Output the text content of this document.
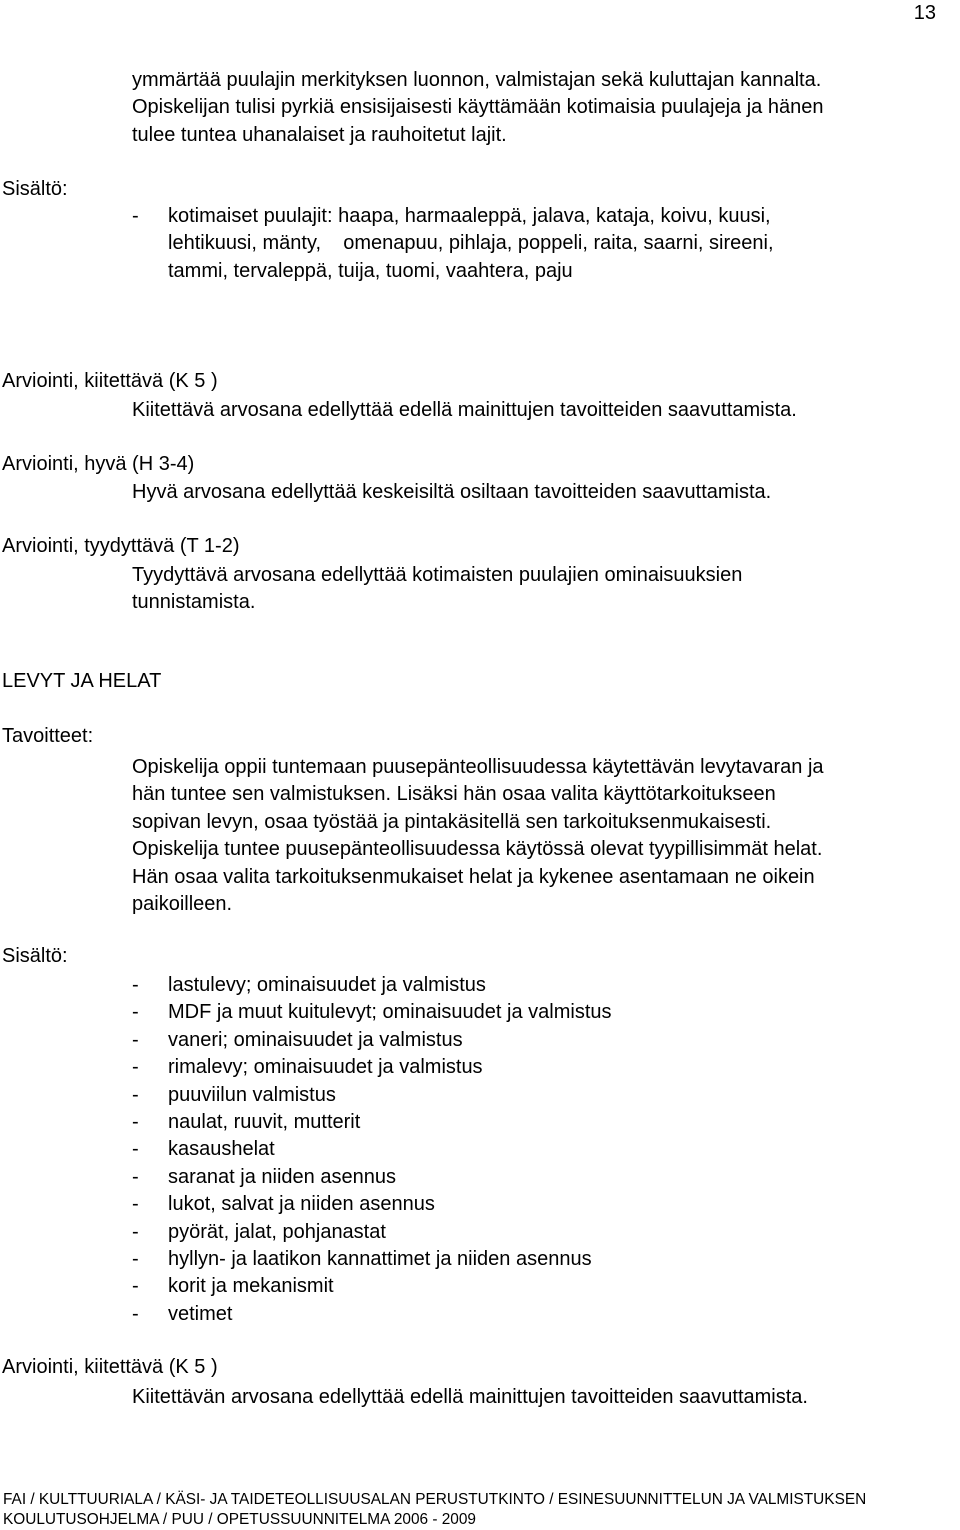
13
ymmärtää puulajin merkityksen luonnon, valmistajan sekä kuluttajan kannalta.
Opiskelijan tulisi pyrkiä ensisijaisesti käyttämään kotimaisia puulajeja ja hänen
tulee tuntea uhanalaiset ja rauhoitetut lajit.
Sisältö:
- kotimaiset puulajit: haapa, harmaaleppä, jalava, kataja, koivu, kuusi,
lehtikuusi, mänty,    omenapuu, pihlaja, poppeli, raita, saarni, sireeni,
tammi, tervaleppä, tuija, tuomi, vaahtera, paju
Arviointi, kiitettävä (K 5 )
Kiitettävä arvosana edellyttää edellä mainittujen tavoitteiden saavuttamista.
Arviointi, hyvä (H 3-4)
Hyvä arvosana edellyttää keskeisiltä osiltaan tavoitteiden saavuttamista.
Arviointi, tyydyttävä (T 1-2)
Tyydyttävä arvosana edellyttää kotimaisten puulajien ominaisuuksien
tunnistamista.
LEVYT JA HELAT
Tavoitteet:
Opiskelija oppii tuntemaan puusepänteollisuudessa käytettävän levytavaran ja
hän tuntee sen valmistuksen. Lisäksi hän osaa valita käyttötarkoitukseen
sopivan levyn, osaa työstää ja pintakäsitellä sen tarkoituksenmukaisesti.
Opiskelija tuntee puusepänteollisuudessa käytössä olevat tyypillisimmät helat.
Hän osaa valita tarkoituksenmukaiset helat ja kykenee asentamaan ne oikein
paikoilleen.
Sisältö:
- lastulevy; ominaisuudet ja valmistus
- MDF ja muut kuitulevyt; ominaisuudet ja valmistus
- vaneri; ominaisuudet ja valmistus
- rimalevy; ominaisuudet ja valmistus
- puuviilun valmistus
- naulat, ruuvit, mutterit
- kasaushelat
- saranat ja niiden asennus
- lukot, salvat ja niiden asennus
- pyörät, jalat, pohjanastat
- hyllyn- ja laatikon kannattimet ja niiden asennus
- korit ja mekanismit
- vetimet
Arviointi, kiitettävä (K 5 )
Kiitettävän arvosana edellyttää edellä mainittujen tavoitteiden saavuttamista.
FAI / KULTTUURIALA / KÄSI- JA TAIDETEOLLISUUSALAN PERUSTUTKINTO / ESINESUUNNITTELUN JA VALMISTUKSEN
KOULUTUSOHJELMA / PUU / OPETUSSUUNNITELMA 2006 - 2009
